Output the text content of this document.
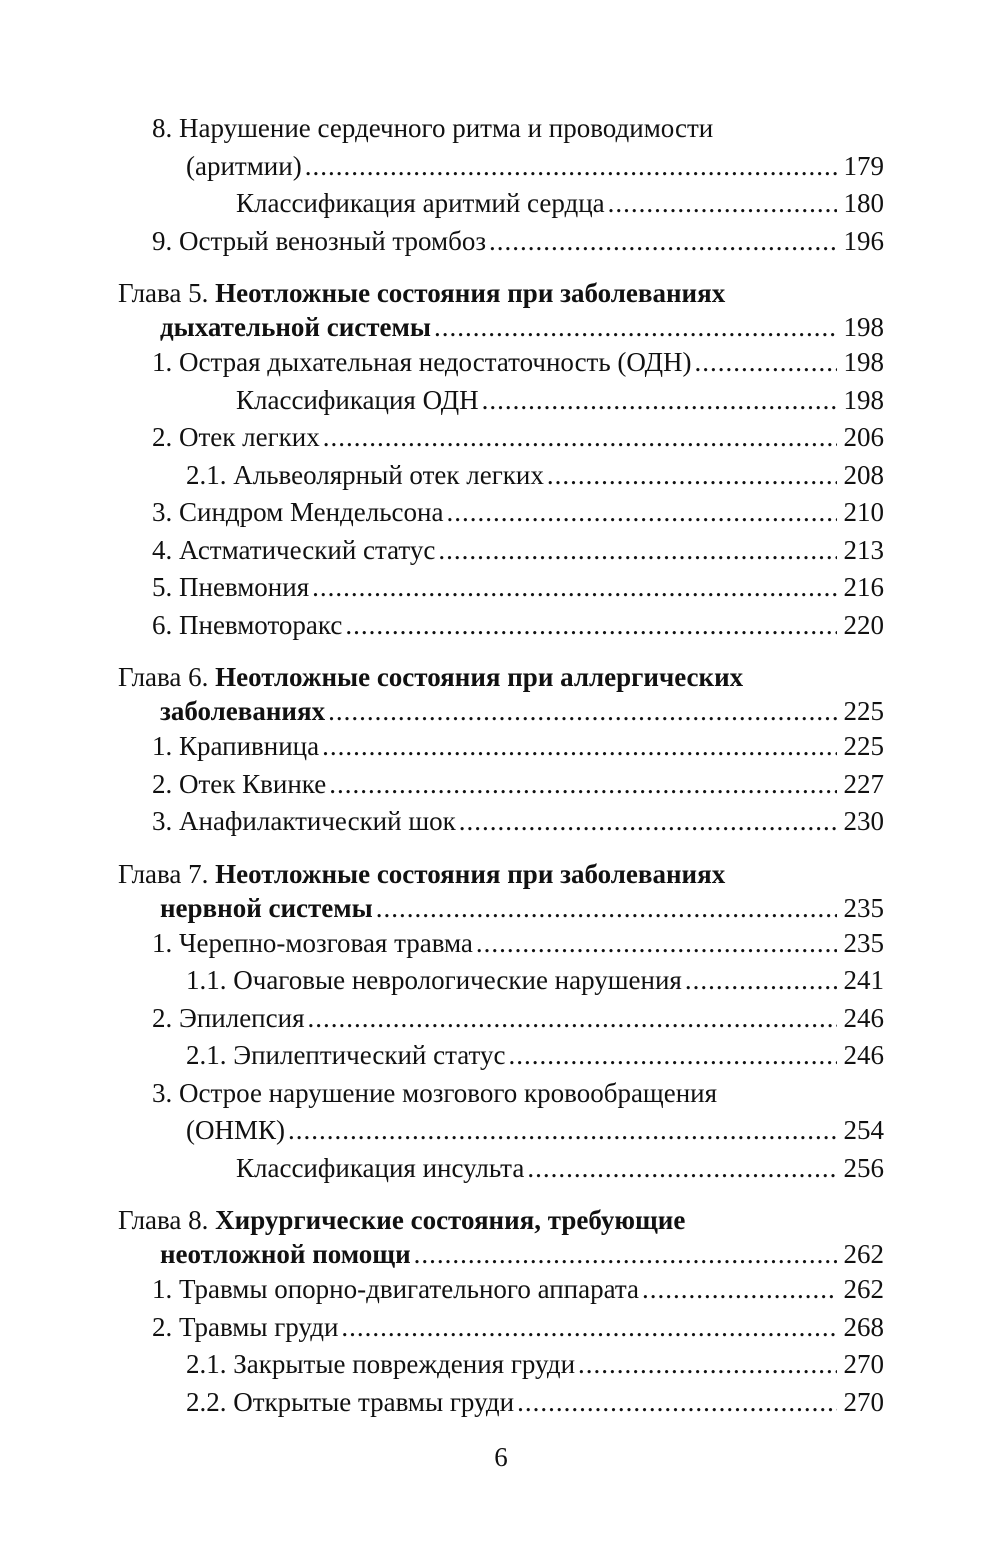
8. Нарушение сердечного ритма и проводимости
(аритмии) .....	179
Классификация аритмий сердца .....	180
9. Острый венозный тромбоз .....	196
Глава 5. Неотложные состояния при заболеваниях
дыхательной системы .....	198
1. Острая дыхательная недостаточность (ОДН) .....	198
Классификация ОДН .....	198
2. Отек легких .....	206
2.1. Альвеолярный отек легких .....	208
3. Синдром Мендельсона .....	210
4. Астматический статус .....	213
5. Пневмония .....	216
6. Пневмоторакс .....	220
Глава 6. Неотложные состояния при аллергических
заболеваниях .....	225
1. Крапивница .....	225
2. Отек Квинке .....	227
3. Анафилактический шок .....	230
Глава 7. Неотложные состояния при заболеваниях
нервной системы .....	235
1. Черепно-мозговая травма .....	235
1.1. Очаговые неврологические нарушения .....	241
2. Эпилепсия .....	246
2.1. Эпилептический статус .....	246
3. Острое нарушение мозгового кровообращения
(ОНМК) .....	254
Классификация инсульта .....	256
Глава 8. Хирургические состояния, требующие
неотложной помощи .....	262
1. Травмы опорно-двигательного аппарата .....	262
2. Травмы груди .....	268
2.1. Закрытые повреждения груди .....	270
2.2. Открытые травмы груди .....	270
6
